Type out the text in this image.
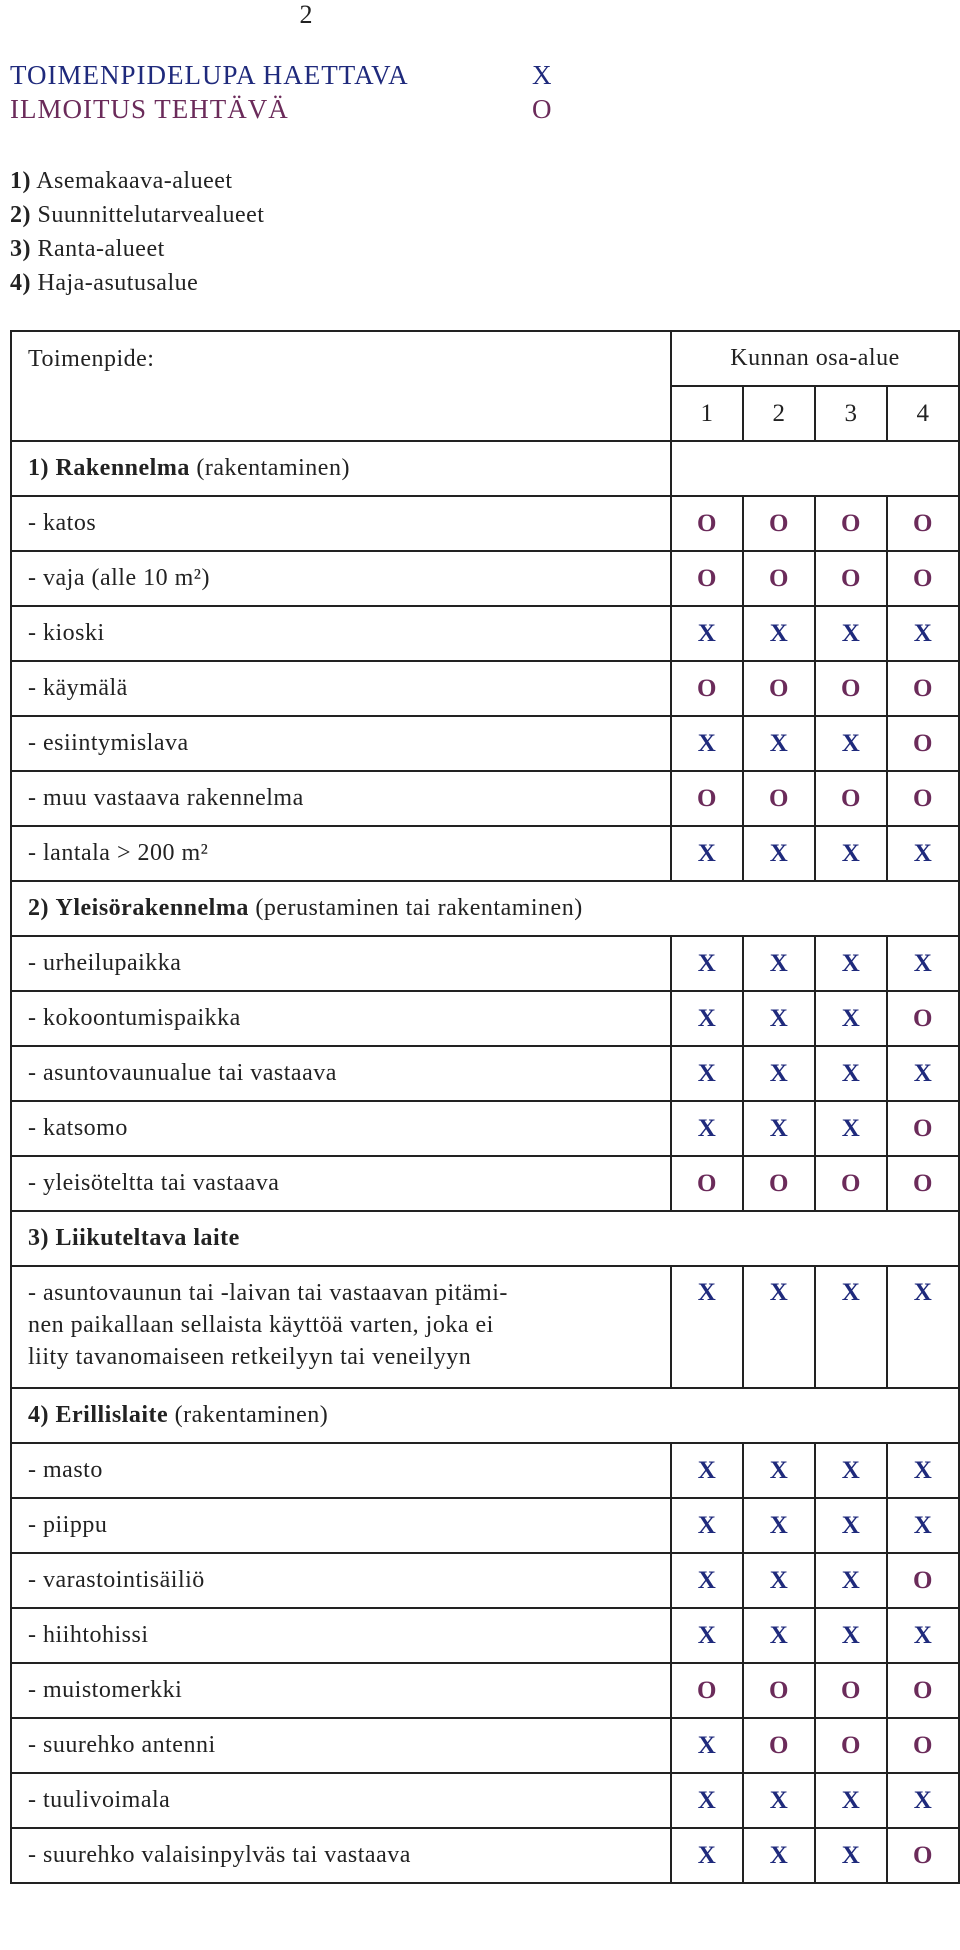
2
TOIMENPIDELUPA HAETTAVA	X
ILMOITUS TEHTÄVÄ	O
1) Asemakaava-alueet
2) Suunnittelutarvealueet
3) Ranta-alueet
4) Haja-asutusalue
Toimenpide:	Kunnan osa-alue			
	1	2	3	4
1) Rakennelma (rakentaminen)				
- katos	O	O	O	O
- vaja (alle 10 m²)	O	O	O	O
- kioski	X	X	X	X
- käymälä	O	O	O	O
- esiintymislava	X	X	X	O
- muu vastaava rakennelma	O	O	O	O
- lantala > 200 m²	X	X	X	X
2) Yleisörakennelma (perustaminen tai rakentaminen)				
- urheilupaikka	X	X	X	X
- kokoontumispaikka	X	X	X	O
- asuntovaunualue tai vastaava	X	X	X	X
- katsomo	X	X	X	O
- yleisöteltta tai vastaava	O	O	O	O
3) Liikuteltava laite				
- asuntovaunun tai -laivan tai vastaavan pitämi-
nen paikallaan sellaista käyttöä varten, joka ei
liity tavanomaiseen retkeilyyn tai veneilyyn	X	X	X	X
4) Erillislaite (rakentaminen)				
- masto	X	X	X	X
- piippu	X	X	X	X
- varastointisäiliö	X	X	X	O
- hiihtohissi	X	X	X	X
- muistomerkki	O	O	O	O
- suurehko antenni	X	O	O	O
- tuulivoimala	X	X	X	X
- suurehko valaisinpylväs tai vastaava	X	X	X	O
